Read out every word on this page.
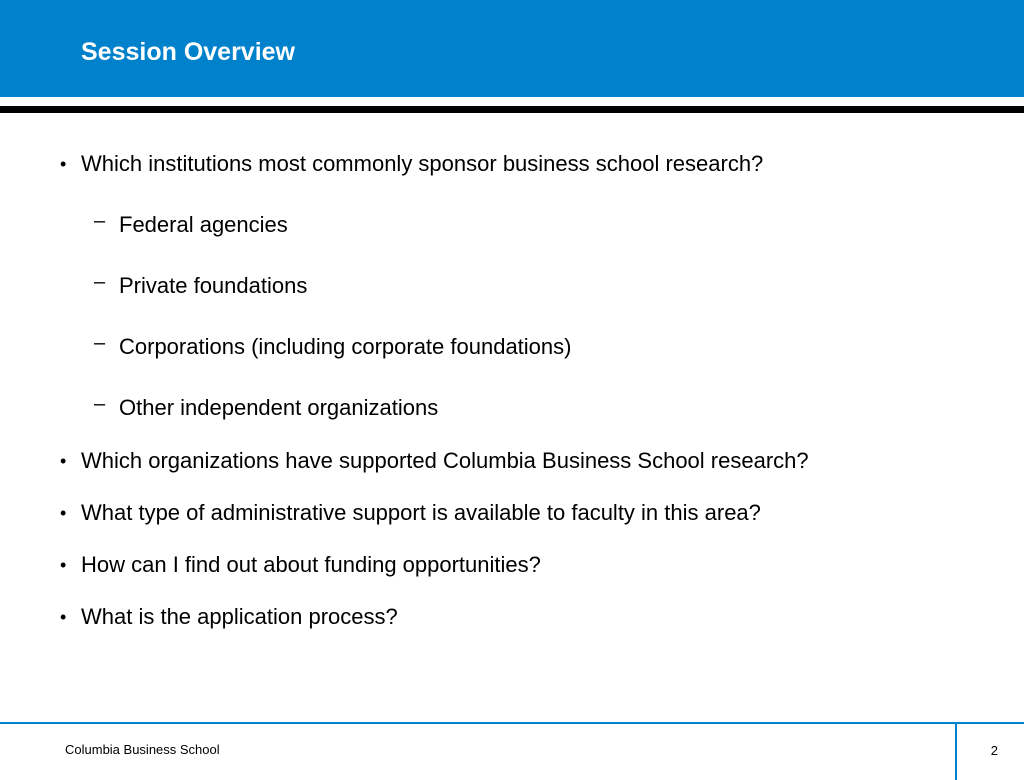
Session Overview
• Which institutions most commonly sponsor business school research?
– Federal agencies
– Private foundations
– Corporations (including corporate foundations)
– Other independent organizations
• Which organizations have supported Columbia Business School research?
• What type of administrative support is available to faculty in this area?
• How can I find out about funding opportunities?
• What is the application process?
Columbia Business School	2
